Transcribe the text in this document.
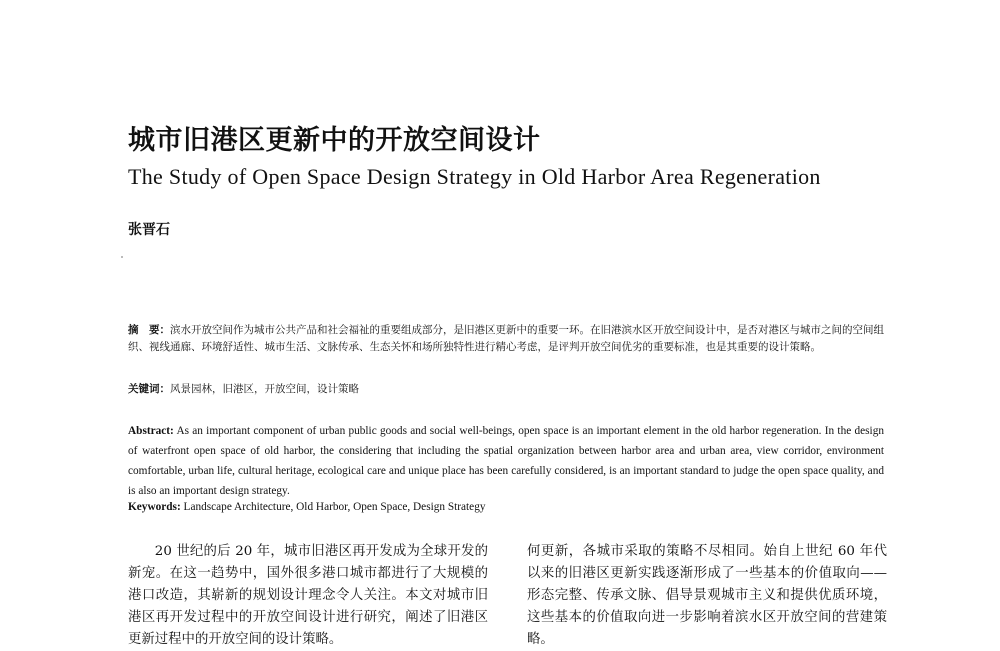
城市旧港区更新中的开放空间设计
The Study of Open Space Design Strategy in Old Harbor Area Regeneration
张晋石
摘　要：滨水开放空间作为城市公共产品和社会福祉的重要组成部分，是旧港区更新中的重要一环。在旧港滨水区开放空间设计中，是否对港区与城市之间的空间组织、视线通廊、环境舒适性、城市生活、文脉传承、生态关怀和场所独特性进行精心考虑，是评判开放空间优劣的重要标准，也是其重要的设计策略。
关键词：风景园林，旧港区，开放空间，设计策略
Abstract: As an important component of urban public goods and social well-beings, open space is an important element in the old harbor regeneration. In the design of waterfront open space of old harbor, the considering that including the spatial organization between harbor area and urban area, view corridor, environment comfortable, urban life, cultural heritage, ecological care and unique place has been carefully considered, is an important standard to judge the open space quality, and is also an important design strategy.
Keywords: Landscape Architecture, Old Harbor, Open Space, Design Strategy

20 世纪的后 20 年，城市旧港区再开发成为全球开发的新宠。在这一趋势中，国外很多港口城市都进行了大规模的港口改造，其崭新的规划设计理念令人关注。本文对城市旧港区再开发过程中的开放空间设计进行研究，阐述了旧港区更新过程中的开放空间的设计策略。

何更新，各城市采取的策略不尽相同。始自上世纪 60 年代以来的旧港区更新实践逐渐形成了一些基本的价值取向——形态完整、传承文脉、倡导景观城市主义和提供优质环境，这些基本的价值取向进一步影响着滨水区开放空间的营建策略。
